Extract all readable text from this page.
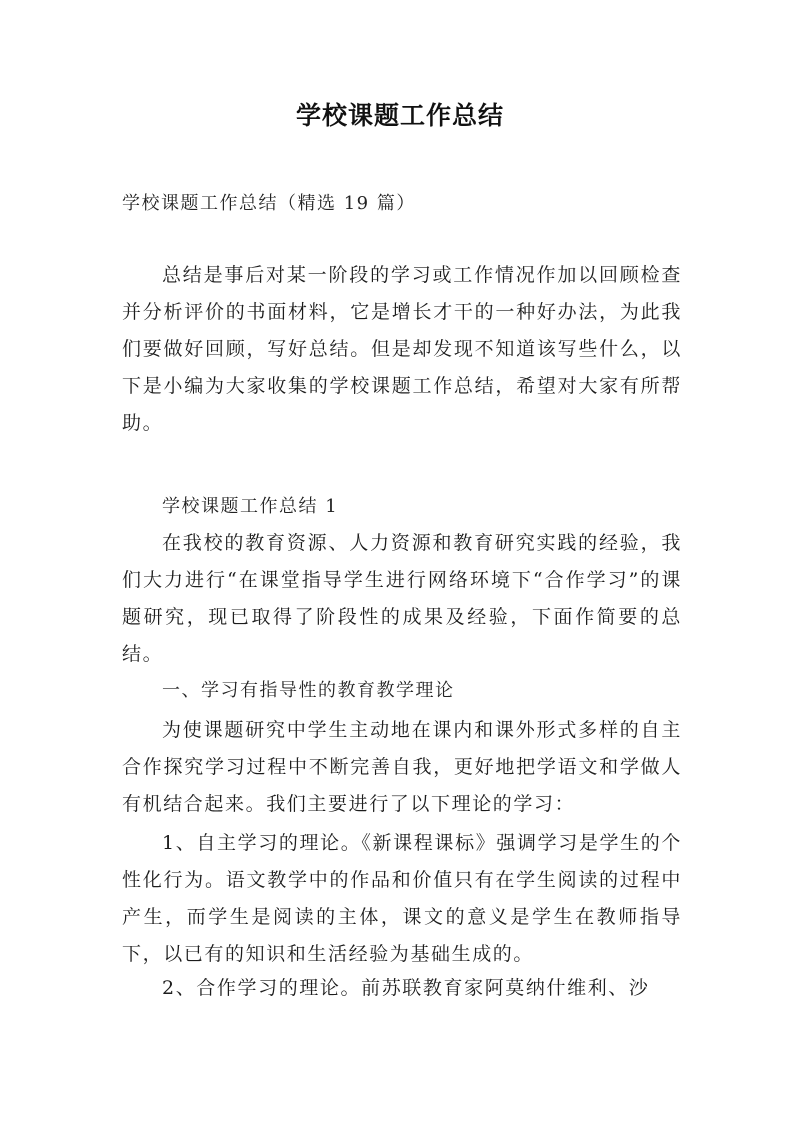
学校课题工作总结
学校课题工作总结（精选 19 篇）
总结是事后对某一阶段的学习或工作情况作加以回顾检查并分析评价的书面材料，它是增长才干的一种好办法，为此我们要做好回顾，写好总结。但是却发现不知道该写些什么，以下是小编为大家收集的学校课题工作总结，希望对大家有所帮助。
学校课题工作总结 1
在我校的教育资源、人力资源和教育研究实践的经验，我们大力进行“在课堂指导学生进行网络环境下“合作学习”的课题研究，现已取得了阶段性的成果及经验，下面作简要的总结。
一、学习有指导性的教育教学理论
为使课题研究中学生主动地在课内和课外形式多样的自主合作探究学习过程中不断完善自我，更好地把学语文和学做人有机结合起来。我们主要进行了以下理论的学习：
1、自主学习的理论。《新课程课标》强调学习是学生的个性化行为。语文教学中的作品和价值只有在学生阅读的过程中产生，而学生是阅读的主体，课文的意义是学生在教师指导下，以已有的知识和生活经验为基础生成的。
2、合作学习的理论。前苏联教育家阿莫纳什维利、沙
